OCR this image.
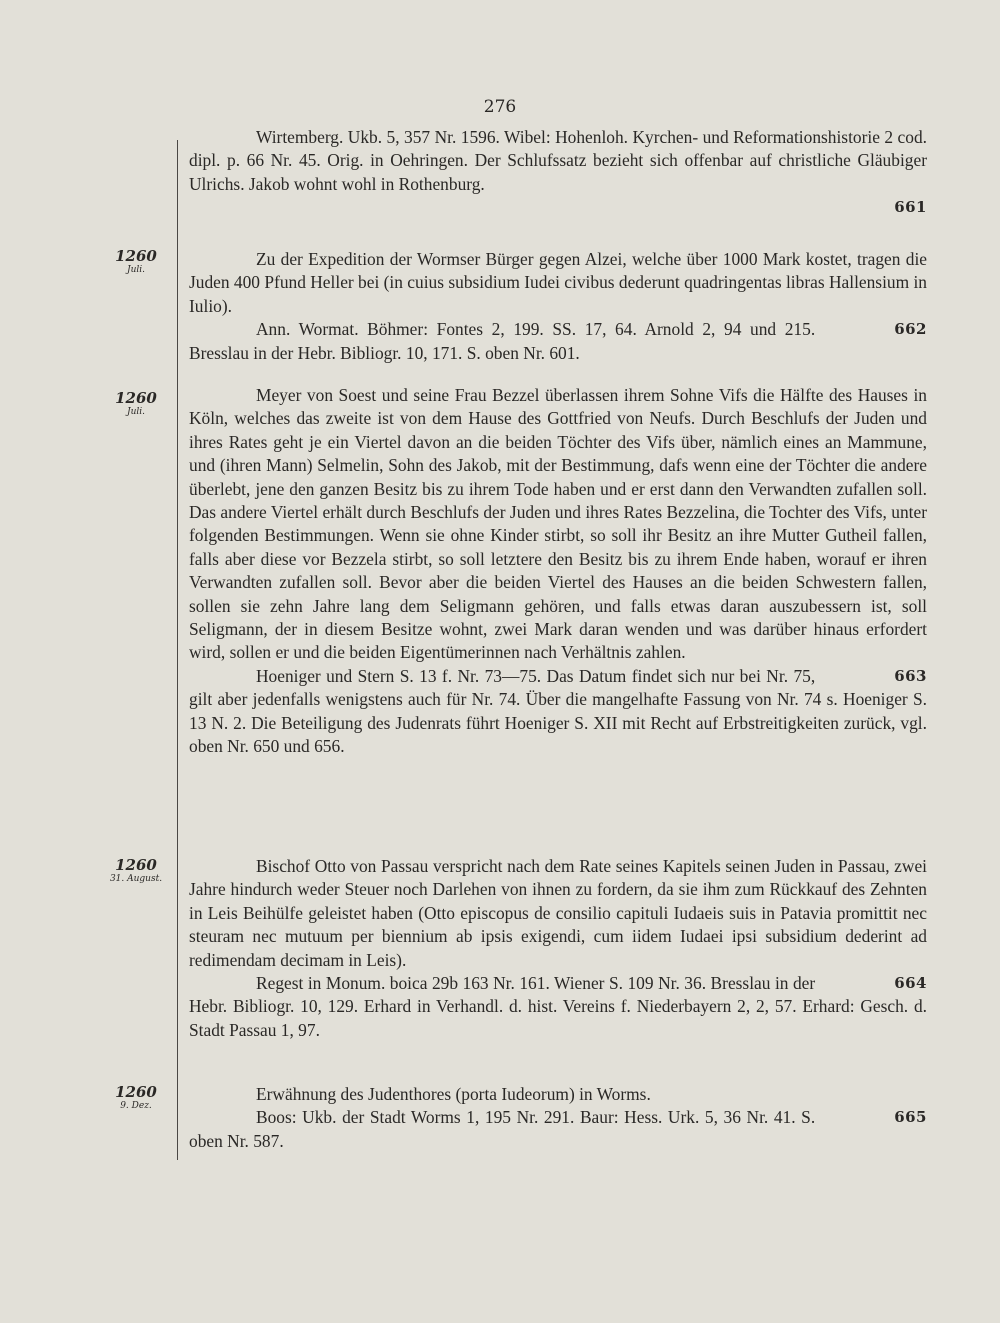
276

Wirtemberg. Ukb. 5, 357 Nr. 1596. Wibel: Hohenloh. Kyrchen- und Reformationshistorie 2 cod. dipl. p. 66 Nr. 45. Orig. in Oehringen. Der Schlufssatz bezieht sich offenbar auf christliche Gläubiger Ulrichs. Jakob wohnt wohl in Rothenburg.

661
1260
Juli.

Zu der Expedition der Wormser Bürger gegen Alzei, welche über 1000 Mark kostet, tragen die Juden 400 Pfund Heller bei (in cuius subsidium Iudei civibus dederunt quadringentas libras Hallensium in Iulio).

662
Ann. Wormat. Böhmer: Fontes 2, 199. SS. 17, 64. Arnold 2, 94 und 215. Bresslau in der Hebr. Bibliogr. 10, 171. S. oben Nr. 601.

1260
Juli.

Meyer von Soest und seine Frau Bezzel überlassen ihrem Sohne Vifs die Hälfte des Hauses in Köln, welches das zweite ist von dem Hause des Gottfried von Neufs. Durch Beschlufs der Juden und ihres Rates geht je ein Viertel davon an die beiden Töchter des Vifs über, nämlich eines an Mammune, und (ihren Mann) Selmelin, Sohn des Jakob, mit der Bestimmung, dafs wenn eine der Töchter die andere überlebt, jene den ganzen Besitz bis zu ihrem Tode haben und er erst dann den Verwandten zufallen soll. Das andere Viertel erhält durch Beschlufs der Juden und ihres Rates Bezzelina, die Tochter des Vifs, unter folgenden Bestimmungen. Wenn sie ohne Kinder stirbt, so soll ihr Besitz an ihre Mutter Gutheil fallen, falls aber diese vor Bezzela stirbt, so soll letztere den Besitz bis zu ihrem Ende haben, worauf er ihren Verwandten zufallen soll. Bevor aber die beiden Viertel des Hauses an die beiden Schwestern fallen, sollen sie zehn Jahre lang dem Seligmann gehören, und falls etwas daran auszubessern ist, soll Seligmann, der in diesem Besitze wohnt, zwei Mark daran wenden und was darüber hinaus erfordert wird, sollen er und die beiden Eigentümerinnen nach Verhältnis zahlen.

663
Hoeniger und Stern S. 13 f. Nr. 73—75. Das Datum findet sich nur bei Nr. 75, gilt aber jedenfalls wenigstens auch für Nr. 74. Über die mangelhafte Fassung von Nr. 74 s. Hoeniger S. 13 N. 2. Die Beteiligung des Judenrats führt Hoeniger S. XII mit Recht auf Erbstreitigkeiten zurück, vgl. oben Nr. 650 und 656.

1260
31. August.

Bischof Otto von Passau verspricht nach dem Rate seines Kapitels seinen Juden in Passau, zwei Jahre hindurch weder Steuer noch Darlehen von ihnen zu fordern, da sie ihm zum Rückkauf des Zehnten in Leis Beihülfe geleistet haben (Otto episcopus de consilio capituli Iudaeis suis in Patavia promittit nec steuram nec mutuum per biennium ab ipsis exigendi, cum iidem Iudaei ipsi subsidium dederint ad redimendam decimam in Leis).

664
Regest in Monum. boica 29b 163 Nr. 161. Wiener S. 109 Nr. 36. Bresslau in der Hebr. Bibliogr. 10, 129. Erhard in Verhandl. d. hist. Vereins f. Niederbayern 2, 2, 57. Erhard: Gesch. d. Stadt Passau 1, 97.

1260
9. Dez.

Erwähnung des Judenthores (porta Iudeorum) in Worms.

665
Boos: Ukb. der Stadt Worms 1, 195 Nr. 291. Baur: Hess. Urk. 5, 36 Nr. 41. S. oben Nr. 587.
